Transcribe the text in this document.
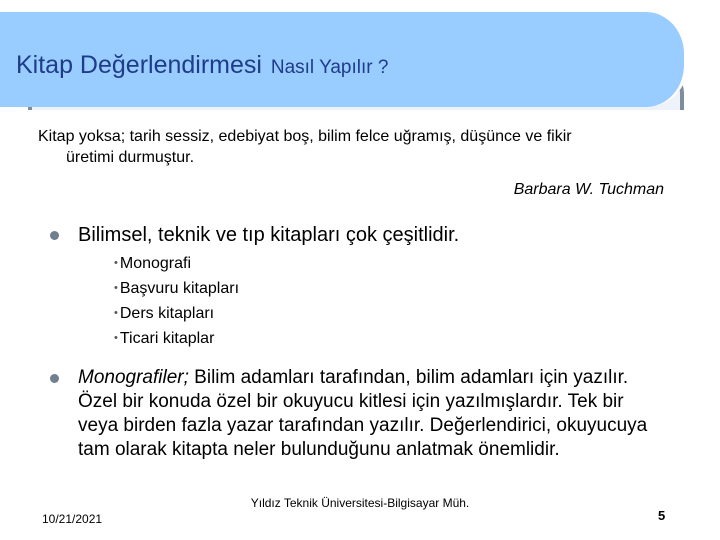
Kitap Değerlendirmesi Nasıl Yapılır ?
Kitap yoksa; tarih sessiz, edebiyat boş, bilim felce uğramış, düşünce ve fikir
üretimi durmuştur.
Barbara W. Tuchman
Bilimsel, teknik ve tıp kitapları çok çeşitlidir.
• Monografi
• Başvuru kitapları
• Ders kitapları
• Ticari kitaplar
Monografiler; Bilim adamları tarafından, bilim adamları için yazılır. Özel bir konuda özel bir okuyucu kitlesi için yazılmışlardır. Tek bir veya birden fazla yazar tarafından yazılır. Değerlendirici, okuyucuya tam olarak kitapta neler bulunduğunu anlatmak önemlidir.
10/21/2021
Yıldız Teknik Üniversitesi-Bilgisayar Müh.
5
